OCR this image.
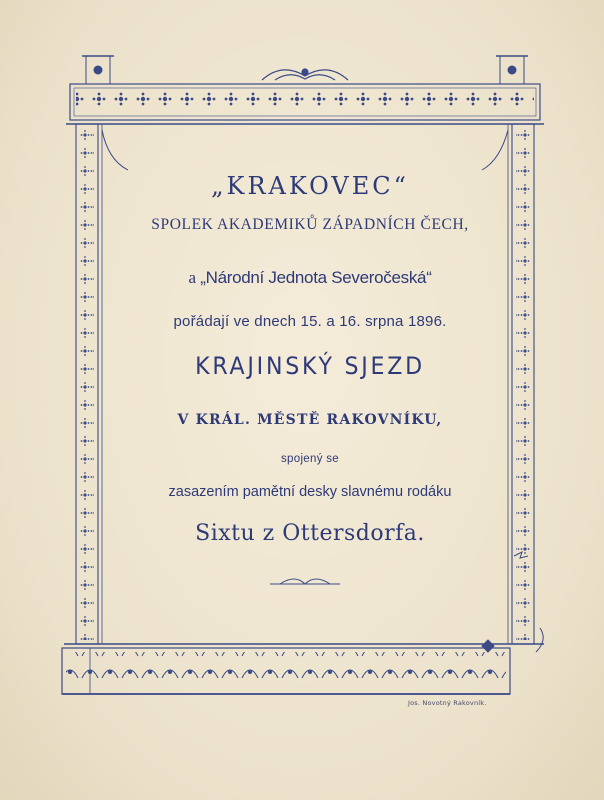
„KRAKOVEC“
SPOLEK AKADEMIKŮ ZÁPADNÍCH ČECH,
a „Národní Jednota Severočeská“
pořádají ve dnech 15. a 16. srpna 1896.
KRAJINSKÝ SJEZD
V KRÁL. MĚSTĚ RAKOVNÍKU,
spojený se
zasazením pamětní desky slavnému rodáku
Sixtu z Ottersdorfa.
Jos. Novotný Rakovník.
